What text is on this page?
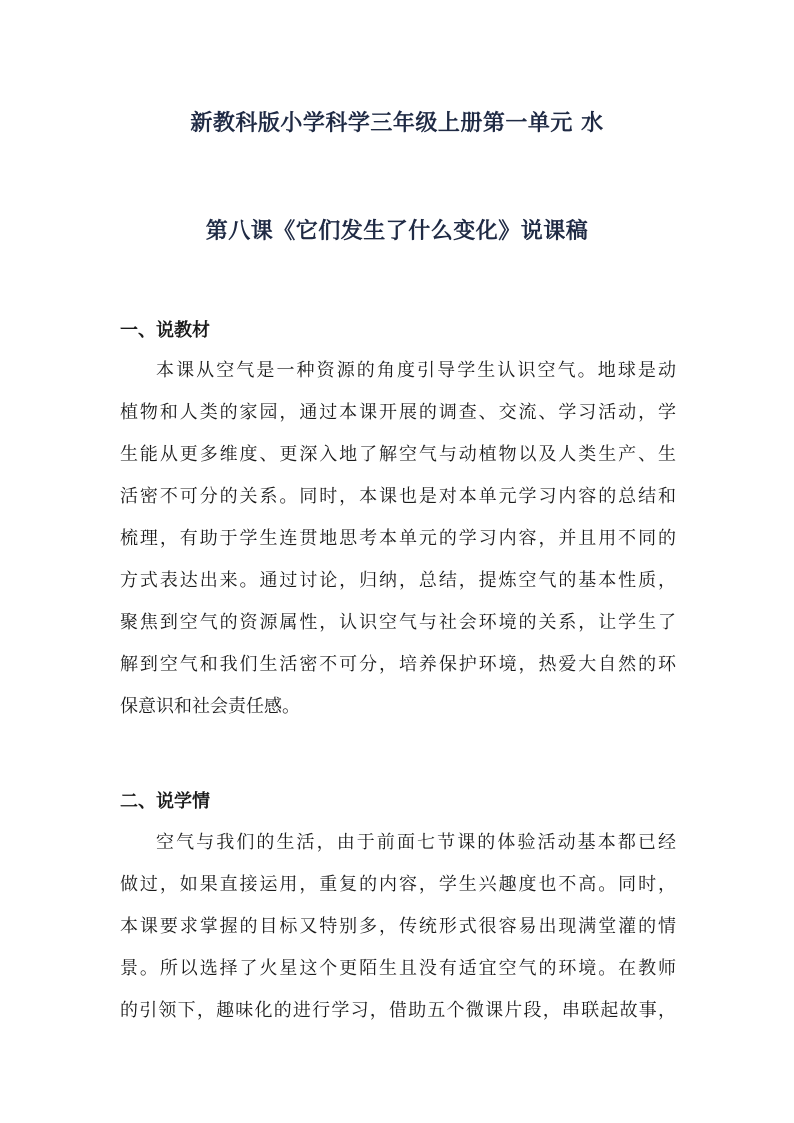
新教科版小学科学三年级上册第一单元 水
第八课《它们发生了什么变化》说课稿
一、说教材
本课从空气是一种资源的角度引导学生认识空气。地球是动
植物和人类的家园，通过本课开展的调查、交流、学习活动，学
生能从更多维度、更深入地了解空气与动植物以及人类生产、生
活密不可分的关系。同时，本课也是对本单元学习内容的总结和
梳理，有助于学生连贯地思考本单元的学习内容，并且用不同的
方式表达出来。通过讨论，归纳，总结，提炼空气的基本性质，
聚焦到空气的资源属性，认识空气与社会环境的关系，让学生了
解到空气和我们生活密不可分，培养保护环境，热爱大自然的环
保意识和社会责任感。
二、说学情
空气与我们的生活，由于前面七节课的体验活动基本都已经
做过，如果直接运用，重复的内容，学生兴趣度也不高。同时，
本课要求掌握的目标又特别多，传统形式很容易出现满堂灌的情
景。所以选择了火星这个更陌生且没有适宜空气的环境。在教师
的引领下，趣味化的进行学习，借助五个微课片段，串联起故事，
